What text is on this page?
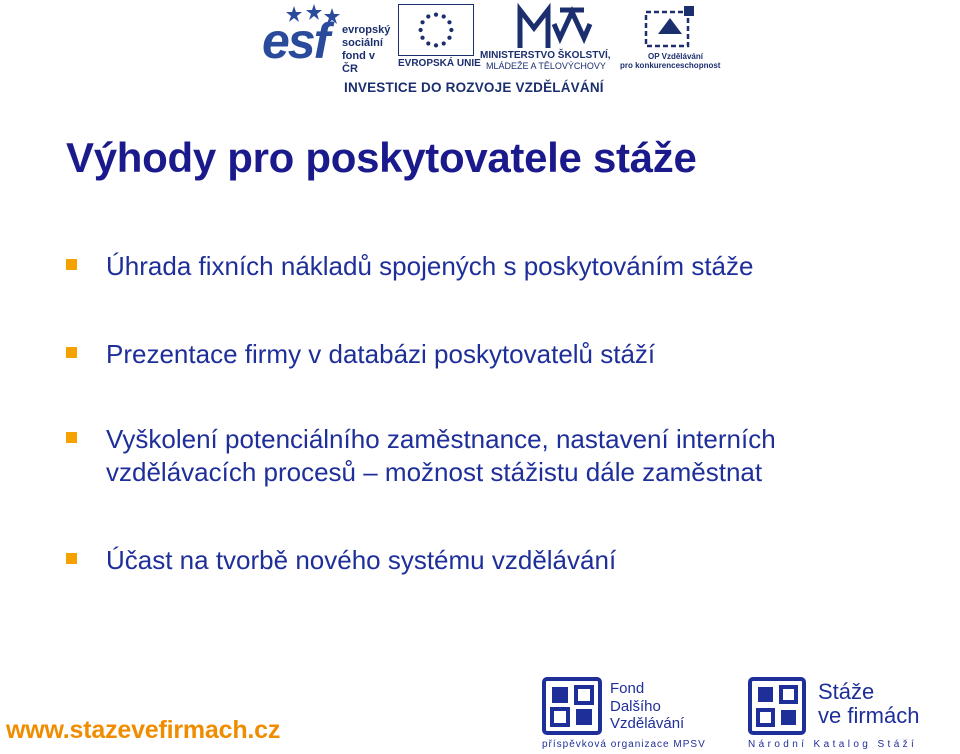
esf evropský
sociální
fond v ČR	EVROPSKÁ UNIE
MINISTERSTVO ŠKOLSTVÍ,
MLÁDEŽE A TĚLOVÝCHOVY
OP Vzdělávání
pro konkurenceschopnost
INVESTICE DO ROZVOJE VZDĚLÁVÁNÍ
Výhody pro poskytovatele stáže
Úhrada fixních nákladů spojených s poskytováním stáže
Prezentace firmy v databázi poskytovatelů stáží
Vyškolení potenciálního zaměstnance, nastavení interních vzdělávacích procesů – možnost stážistu dále zaměstnat
Účast na tvorbě nového systému vzdělávání
www.stazevefirmach.cz
Fond
Dalšího
Vzdělávání
příspěvková organizace MPSV
Stáže
ve firmách
Národní Katalog Stáží
